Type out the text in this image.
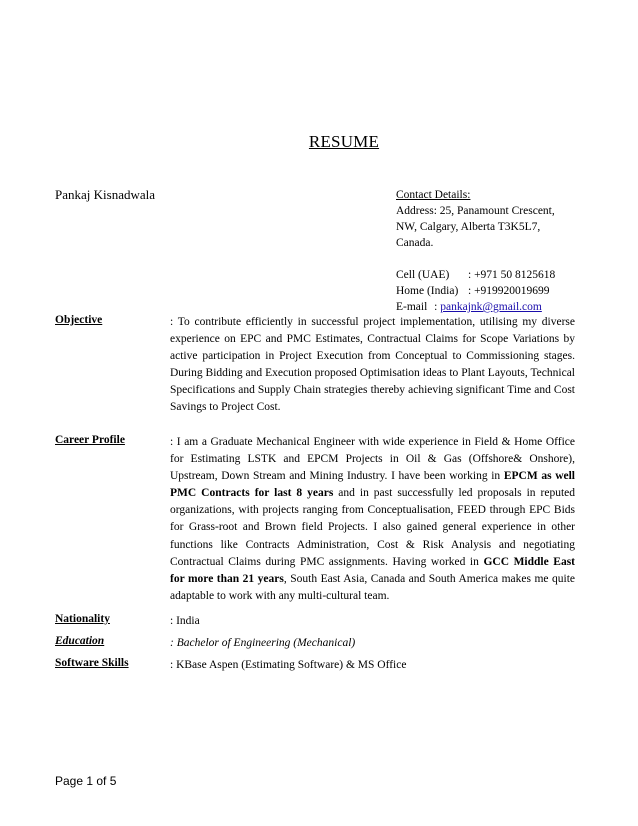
RESUME
Pankaj Kisnadwala	Contact Details:
Address: 25, Panamount Crescent,
NW, Calgary, Alberta T3K5L7,
Canada.
Cell (UAE)	: +971 50 8125618
Home (India) : +919920019699
E-mail : pankajnk@gmail.com
Objective	: To contribute efficiently in successful project implementation, utilising my diverse experience on EPC and PMC Estimates, Contractual Claims for Scope Variations by active participation in Project Execution from Conceptual to Commissioning stages. During Bidding and Execution proposed Optimisation ideas to Plant Layouts, Technical Specifications and Supply Chain strategies thereby achieving significant Time and Cost Savings to Project Cost.
Career Profile	: I am a Graduate Mechanical Engineer with wide experience in Field & Home Office for Estimating LSTK and EPCM Projects in Oil & Gas (Offshore& Onshore), Upstream, Down Stream and Mining Industry. I have been working in EPCM as well PMC Contracts for last 8 years and in past successfully led proposals in reputed organizations, with projects ranging from Conceptualisation, FEED through EPC Bids for Grass-root and Brown field Projects. I also gained general experience in other functions like Contracts Administration, Cost & Risk Analysis and negotiating Contractual Claims during PMC assignments. Having worked in GCC Middle East for more than 21 years, South East Asia, Canada and South America makes me quite adaptable to work with any multi-cultural team.
Nationality	: India
Education	: Bachelor of Engineering (Mechanical)
Software Skills	: KBase Aspen (Estimating Software) & MS Office
Page 1 of 5
